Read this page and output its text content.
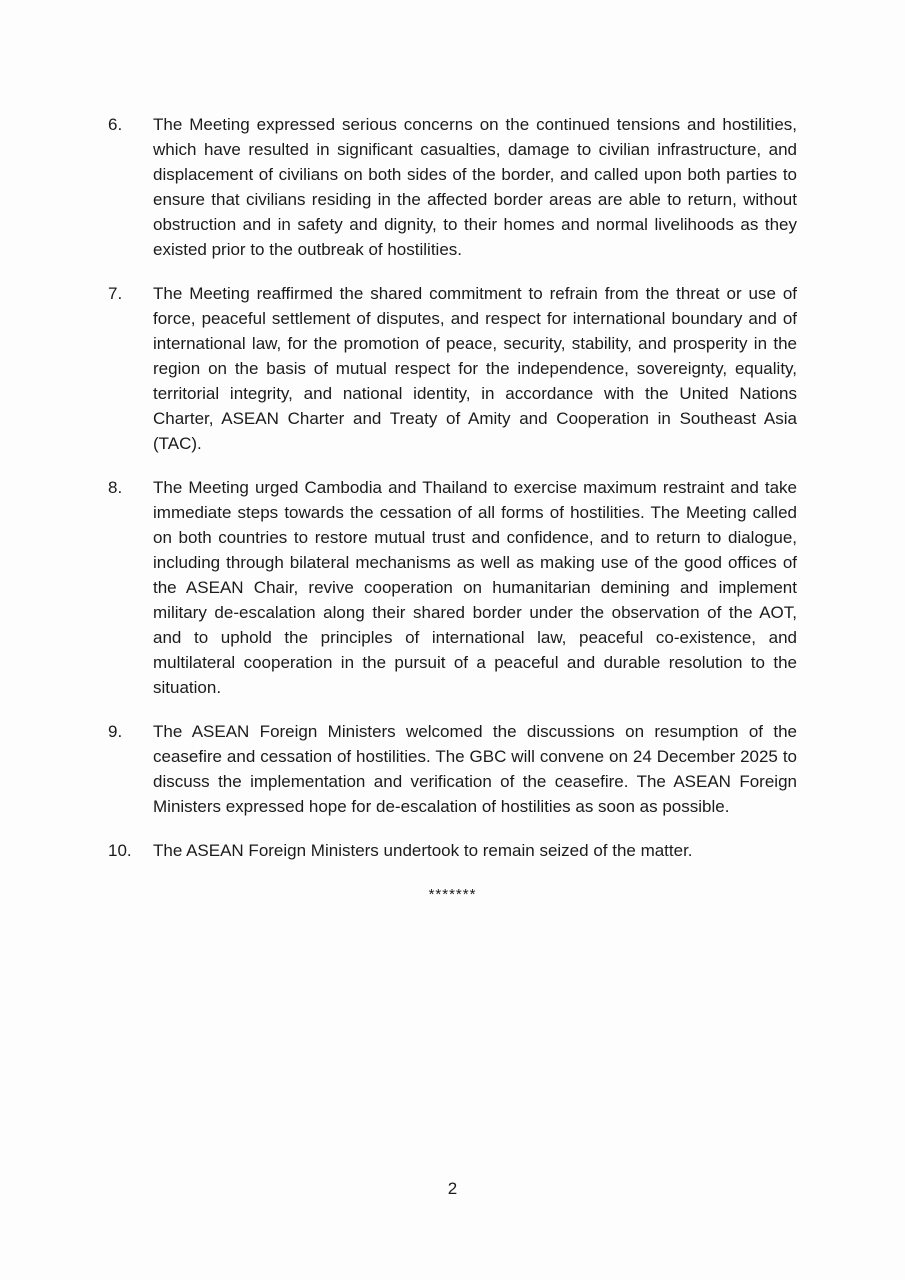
6.	The Meeting expressed serious concerns on the continued tensions and hostilities, which have resulted in significant casualties, damage to civilian infrastructure, and displacement of civilians on both sides of the border, and called upon both parties to ensure that civilians residing in the affected border areas are able to return, without obstruction and in safety and dignity, to their homes and normal livelihoods as they existed prior to the outbreak of hostilities.
7.	The Meeting reaffirmed the shared commitment to refrain from the threat or use of force, peaceful settlement of disputes, and respect for international boundary and of international law, for the promotion of peace, security, stability, and prosperity in the region on the basis of mutual respect for the independence, sovereignty, equality, territorial integrity, and national identity, in accordance with the United Nations Charter, ASEAN Charter and Treaty of Amity and Cooperation in Southeast Asia (TAC).
8.	The Meeting urged Cambodia and Thailand to exercise maximum restraint and take immediate steps towards the cessation of all forms of hostilities. The Meeting called on both countries to restore mutual trust and confidence, and to return to dialogue, including through bilateral mechanisms as well as making use of the good offices of the ASEAN Chair, revive cooperation on humanitarian demining and implement military de-escalation along their shared border under the observation of the AOT, and to uphold the principles of international law, peaceful co-existence, and multilateral cooperation in the pursuit of a peaceful and durable resolution to the situation.
9.	The ASEAN Foreign Ministers welcomed the discussions on resumption of the ceasefire and cessation of hostilities. The GBC will convene on 24 December 2025 to discuss the implementation and verification of the ceasefire. The ASEAN Foreign Ministers expressed hope for de-escalation of hostilities as soon as possible.
10.	The ASEAN Foreign Ministers undertook to remain seized of the matter.
*******
2
